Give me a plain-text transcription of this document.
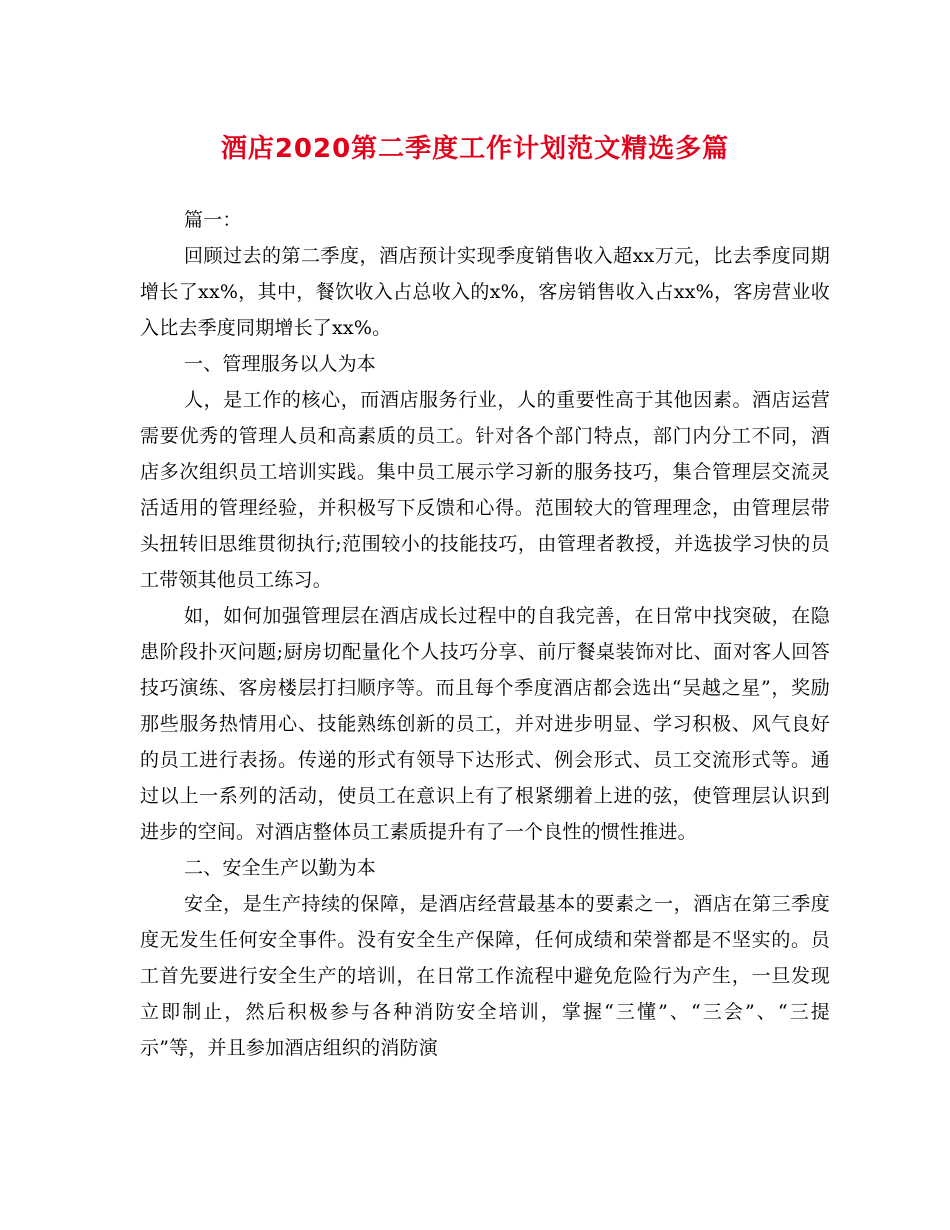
酒店2020第二季度工作计划范文精选多篇

篇一：

回顾过去的第二季度，酒店预计实现季度销售收入超xx万元，比去季度同期增长了xx%，其中，餐饮收入占总收入的x%，客房销售收入占xx%，客房营业收入比去季度同期增长了xx%。

一、管理服务以人为本

人，是工作的核心，而酒店服务行业，人的重要性高于其他因素。酒店运营需要优秀的管理人员和高素质的员工。针对各个部门特点，部门内分工不同，酒店多次组织员工培训实践。集中员工展示学习新的服务技巧，集合管理层交流灵活适用的管理经验，并积极写下反馈和心得。范围较大的管理理念，由管理层带头扭转旧思维贯彻执行;范围较小的技能技巧，由管理者教授，并选拔学习快的员工带领其他员工练习。

如，如何加强管理层在酒店成长过程中的自我完善，在日常中找突破，在隐患阶段扑灭问题;厨房切配量化个人技巧分享、前厅餐桌装饰对比、面对客人回答技巧演练、客房楼层打扫顺序等。而且每个季度酒店都会选出“吴越之星”，奖励那些服务热情用心、技能熟练创新的员工，并对进步明显、学习积极、风气良好的员工进行表扬。传递的形式有领导下达形式、例会形式、员工交流形式等。通过以上一系列的活动，使员工在意识上有了根紧绷着上进的弦，使管理层认识到进步的空间。对酒店整体员工素质提升有了一个良性的惯性推进。

二、安全生产以勤为本

安全，是生产持续的保障，是酒店经营最基本的要素之一，酒店在第三季度度无发生任何安全事件。没有安全生产保障，任何成绩和荣誉都是不坚实的。员工首先要进行安全生产的培训，在日常工作流程中避免危险行为产生，一旦发现立即制止，然后积极参与各种消防安全培训，掌握“三懂”、“三会”、“三提示”等，并且参加酒店组织的消防演
